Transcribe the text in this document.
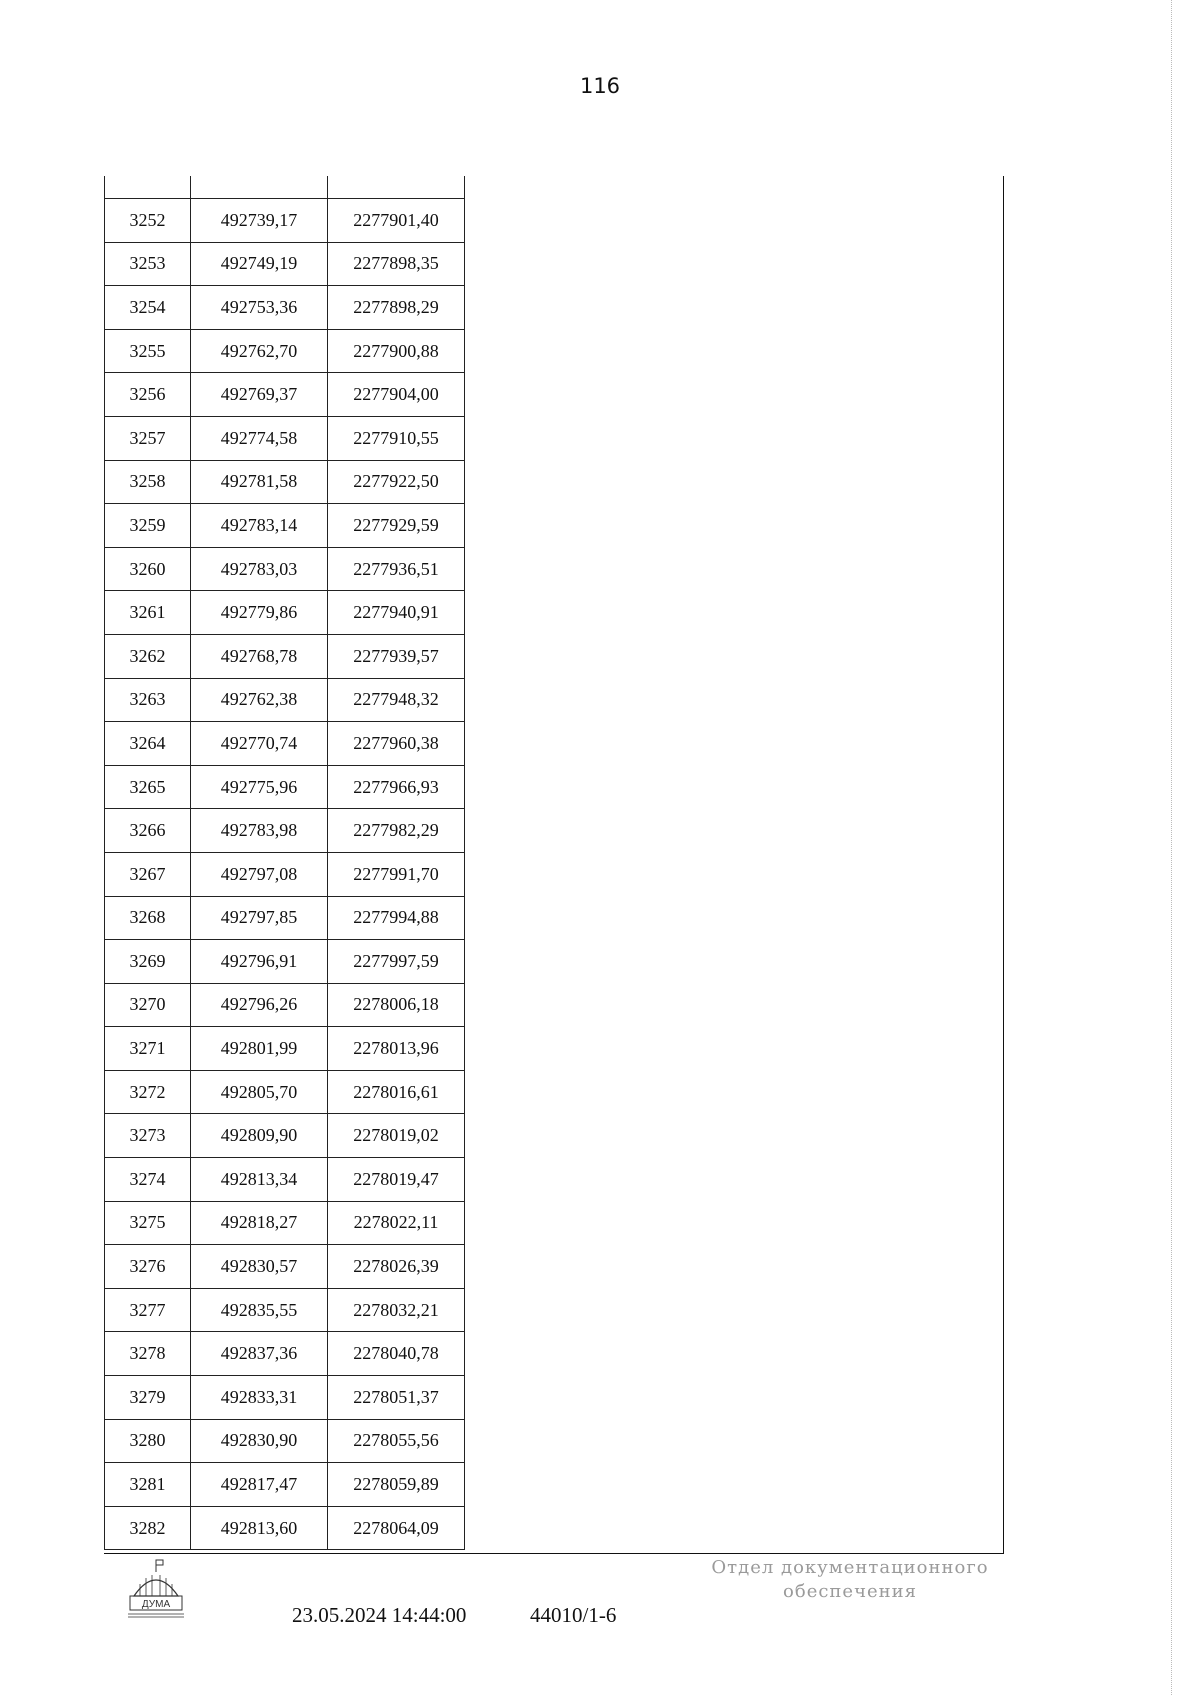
116

3252	492739,17	2277901,40
3253	492749,19	2277898,35
3254	492753,36	2277898,29
3255	492762,70	2277900,88
3256	492769,37	2277904,00
3257	492774,58	2277910,55
3258	492781,58	2277922,50
3259	492783,14	2277929,59
3260	492783,03	2277936,51
3261	492779,86	2277940,91
3262	492768,78	2277939,57
3263	492762,38	2277948,32
3264	492770,74	2277960,38
3265	492775,96	2277966,93
3266	492783,98	2277982,29
3267	492797,08	2277991,70
3268	492797,85	2277994,88
3269	492796,91	2277997,59
3270	492796,26	2278006,18
3271	492801,99	2278013,96
3272	492805,70	2278016,61
3273	492809,90	2278019,02
3274	492813,34	2278019,47
3275	492818,27	2278022,11
3276	492830,57	2278026,39
3277	492835,55	2278032,21
3278	492837,36	2278040,78
3279	492833,31	2278051,37
3280	492830,90	2278055,56
3281	492817,47	2278059,89
3282	492813,60	2278064,09
ДУМА	23.05.2024 14:44:00	44010/1-6
Отдел документационного
обеспечения
